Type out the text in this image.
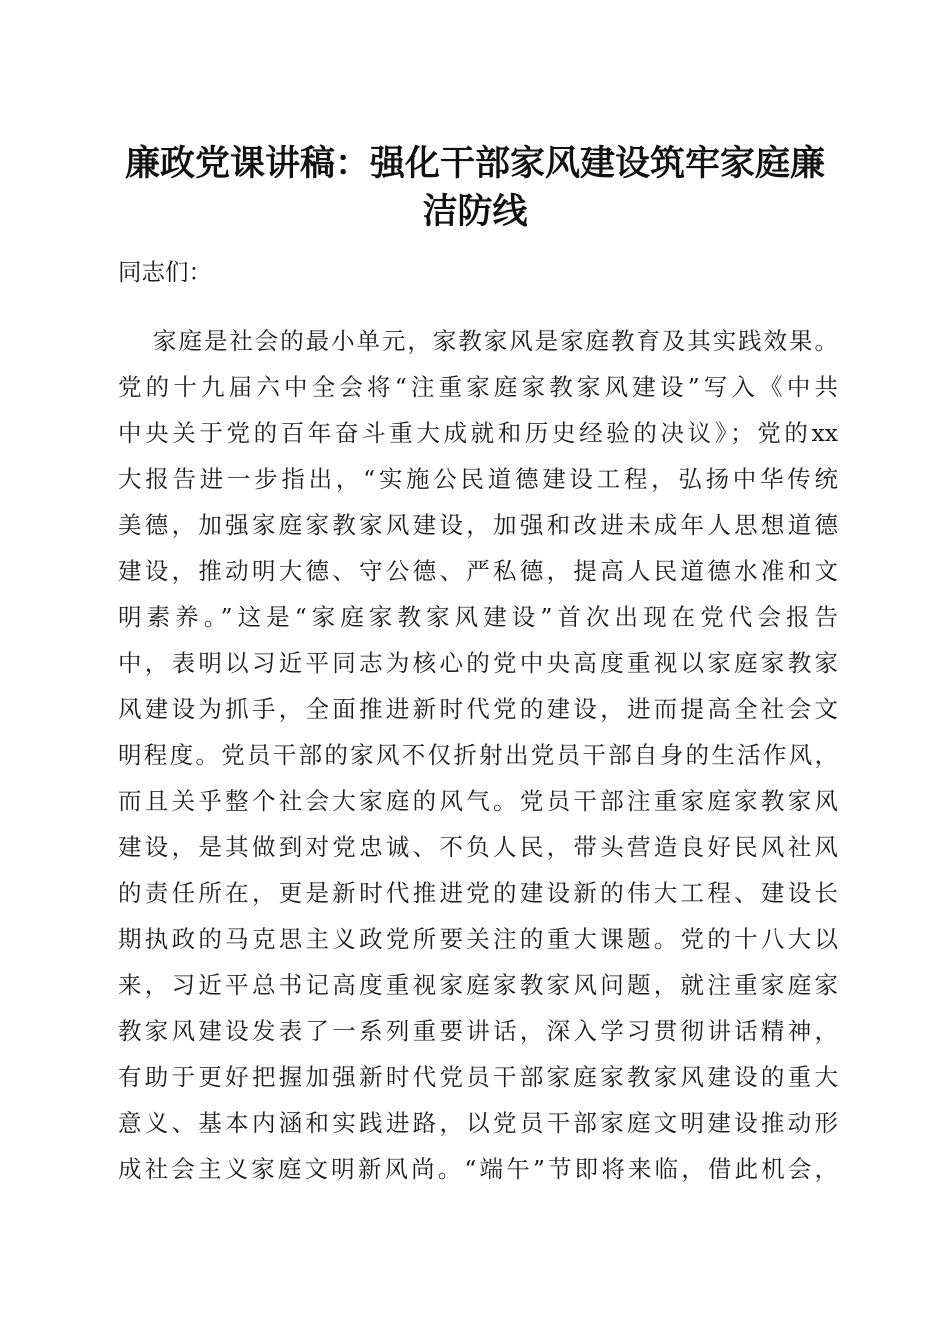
廉政党课讲稿：强化干部家风建设筑牢家庭廉
洁防线
同志们：
家庭是社会的最小单元，家教家风是家庭教育及其实践效果。
党的十九届六中全会将“注重家庭家教家风建设”写入《中共
中央关于党的百年奋斗重大成就和历史经验的决议》；党的xx
大报告进一步指出，“实施公民道德建设工程，弘扬中华传统
美德，加强家庭家教家风建设，加强和改进未成年人思想道德
建设，推动明大德、守公德、严私德，提高人民道德水准和文
明素养。”这是“家庭家教家风建设”首次出现在党代会报告
中，表明以习近平同志为核心的党中央高度重视以家庭家教家
风建设为抓手，全面推进新时代党的建设，进而提高全社会文
明程度。党员干部的家风不仅折射出党员干部自身的生活作风，
而且关乎整个社会大家庭的风气。党员干部注重家庭家教家风
建设，是其做到对党忠诚、不负人民，带头营造良好民风社风
的责任所在，更是新时代推进党的建设新的伟大工程、建设长
期执政的马克思主义政党所要关注的重大课题。党的十八大以
来，习近平总书记高度重视家庭家教家风问题，就注重家庭家
教家风建设发表了一系列重要讲话，深入学习贯彻讲话精神，
有助于更好把握加强新时代党员干部家庭家教家风建设的重大
意义、基本内涵和实践进路，以党员干部家庭文明建设推动形
成社会主义家庭文明新风尚。“端午”节即将来临，借此机会，
